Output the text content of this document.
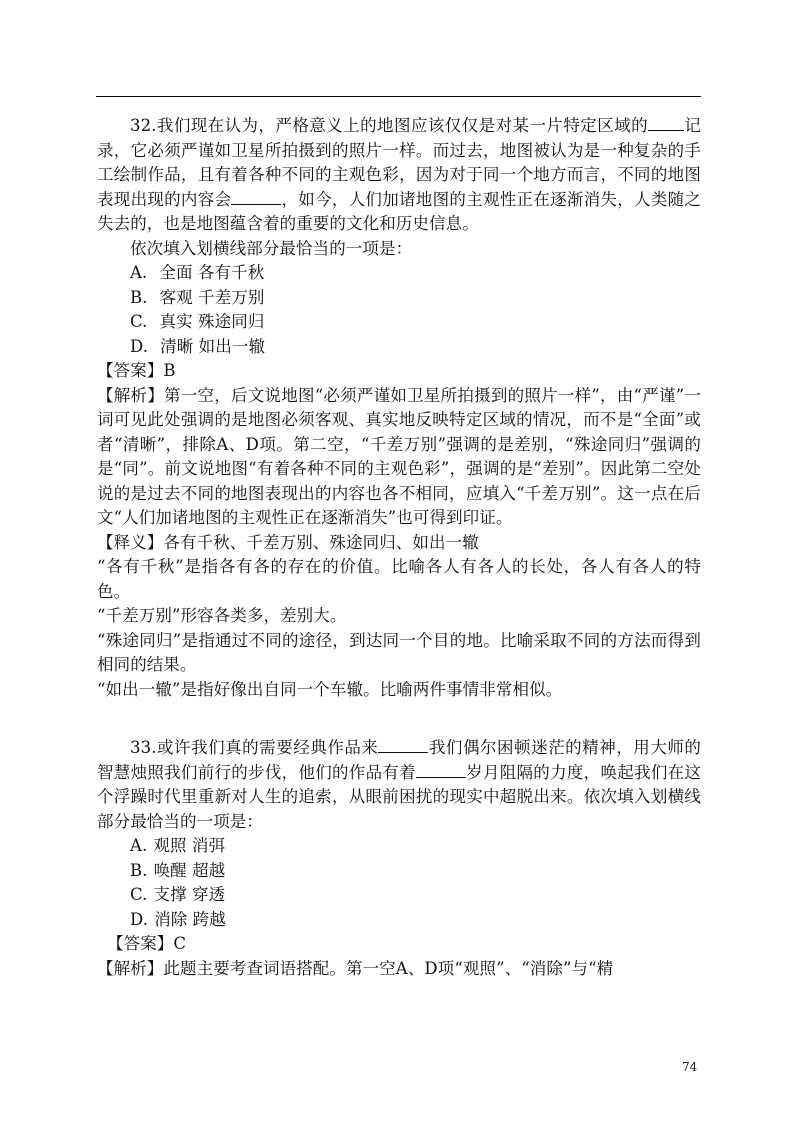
32.我们现在认为，严格意义上的地图应该仅仅是对某一片特定区域的 记录，它必须严谨如卫星所拍摄到的照片一样。而过去，地图被认为是一种复杂的手工绘制作品，且有着各种不同的主观色彩，因为对于同一个地方而言，不同的地图表现出现的内容会	，如今，人们加诸地图的主观性正在逐渐消失，人类随之失去的，也是地图蕴含着的重要的文化和历史信息。

依次填入划横线部分最恰当的一项是：

A. 全面 各有千秋

B. 客观 千差万别

C. 真实 殊途同归

D. 清晰 如出一辙

【答案】B

【解析】第一空，后文说地图“必须严谨如卫星所拍摄到的照片一样”，由“严谨”一词可见此处强调的是地图必须客观、真实地反映特定区域的情况，而不是“全面”或者“清晰”，排除A、D项。第二空，“千差万别”强调的是差别，“殊途同归”强调的是“同”。前文说地图“有着各种不同的主观色彩”，强调的是“差别”。因此第二空处说的是过去不同的地图表现出的内容也各不相同，应填入“千差万别”。这一点在后文“人们加诸地图的主观性正在逐渐消失”也可得到印证。

【释义】各有千秋、千差万别、殊途同归、如出一辙

“各有千秋”是指各有各的存在的价值。比喻各人有各人的长处，各人有各人的特色。

“千差万别”形容各类多，差别大。

“殊途同归”是指通过不同的途径，到达同一个目的地。比喻采取不同的方法而得到相同的结果。

“如出一辙”是指好像出自同一个车辙。比喻两件事情非常相似。

33.或许我们真的需要经典作品来	我们偶尔困顿迷茫的精神，用大师的智慧烛照我们前行的步伐，他们的作品有着	岁月阻隔的力度，唤起我们在这个浮躁时代里重新对人生的追索，从眼前困扰的现实中超脱出来。依次填入划横线部分最恰当的一项是：

A. 观照 消弭

B. 唤醒 超越

C. 支撑 穿透

D. 消除 跨越

【答案】C

【解析】此题主要考查词语搭配。第一空A、D项“观照”、“消除”与“精

74
